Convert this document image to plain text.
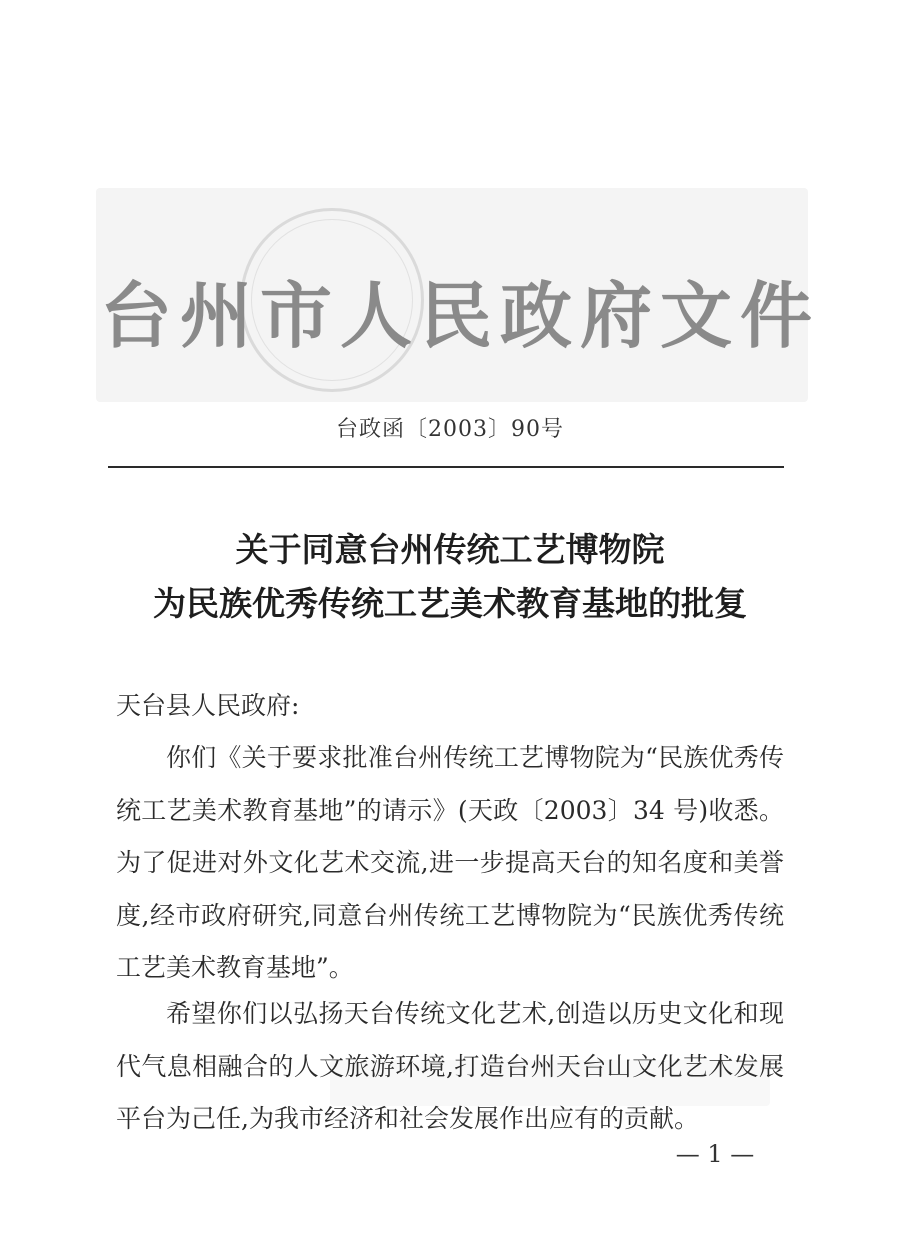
台州市人民政府文件
台政函〔2003〕90号
关于同意台州传统工艺博物院
为民族优秀传统工艺美术教育基地的批复
天台县人民政府:
你们《关于要求批准台州传统工艺博物院为“民族优秀传统工艺美术教育基地”的请示》(天政〔2003〕34 号)收悉。为了促进对外文化艺术交流,进一步提高天台的知名度和美誉度,经市政府研究,同意台州传统工艺博物院为“民族优秀传统工艺美术教育基地”。
希望你们以弘扬天台传统文化艺术,创造以历史文化和现代气息相融合的人文旅游环境,打造台州天台山文化艺术发展平台为己任,为我市经济和社会发展作出应有的贡献。
— 1 —
